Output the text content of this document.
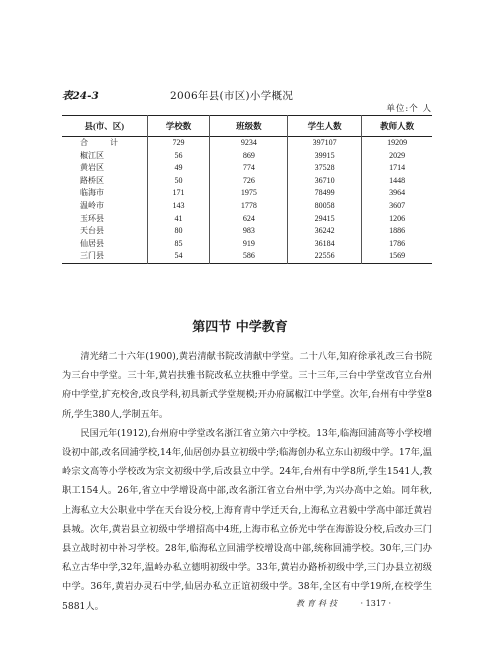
表24-3	2006年县(市区)小学概况
单位:个 人
县(市、区)	学校数	班级数	学生人数	教师人数
合 计	729	9234	397107	19209
椒江区	56	869	39915	2029
黄岩区	49	774	37528	1714
路桥区	50	726	36710	1448
临海市	171	1975	78499	3964
温岭市	143	1778	80058	3607
玉环县	41	624	29415	1206
天台县	80	983	36242	1886
仙居县	85	919	36184	1786
三门县	54	586	22556	1569
第四节 中学教育

清光绪二十六年(1900),黄岩清献书院改清献中学堂。二十八年,知府徐承礼改三台书院为三台中学堂。三十年,黄岩扶雅书院改私立扶雅中学堂。三十三年,三台中学堂改官立台州府中学堂,扩充校舍,改良学科,初具新式学堂规模;开办府属椒江中学堂。次年,台州有中学堂8所,学生380人,学制五年。

民国元年(1912),台州府中学堂改名浙江省立第六中学校。13年,临海回浦高等小学校增设初中部,改名回浦学校,14年,仙居创办县立初级中学;临海创办私立东山初级中学。17年,温岭宗文高等小学校改为宗文初级中学,后改县立中学。24年,台州有中学8所,学生1541人,教职工154人。26年,省立中学增设高中部,改名浙江省立台州中学,为兴办高中之始。同年秋,上海私立大公职业中学在天台设分校,上海育青中学迁天台,上海私立君毅中学高中部迁黄岩县城。次年,黄岩县立初级中学增招高中4班,上海市私立侨光中学在海游设分校,后改办三门县立战时初中补习学校。28年,临海私立回浦学校增设高中部,统称回浦学校。30年,三门办私立古华中学,32年,温岭办私立德明初级中学。33年,黄岩办路桥初级中学,三门办县立初级中学。36年,黄岩办灵石中学,仙居办私立正谊初级中学。38年,全区有中学19所,在校学生5881人。	教育科技	· 1317 ·
